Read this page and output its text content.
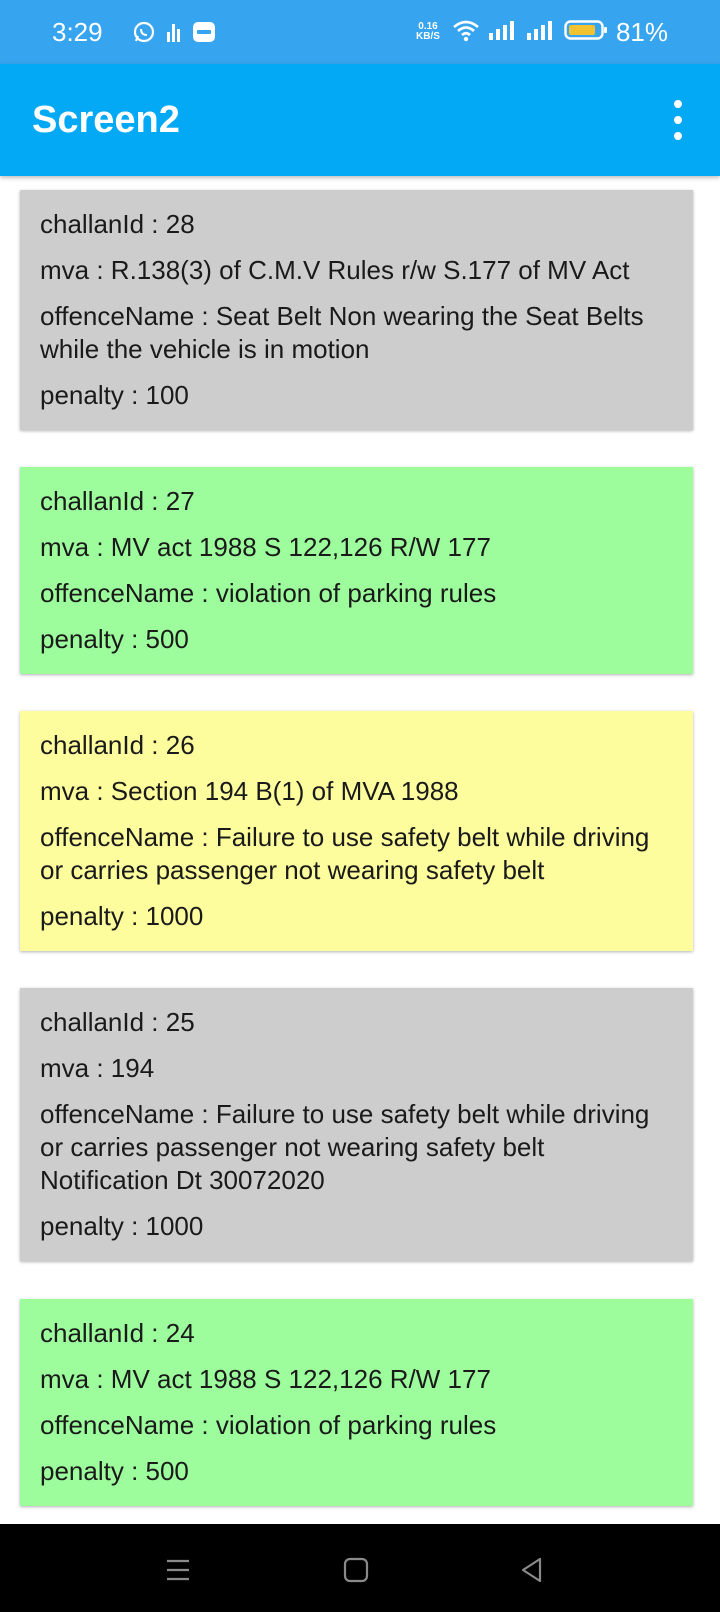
3:29	0.16
KB/S	81%
Screen2

challanId : 28

mva : R.138(3) of C.M.V Rules r/w S.177 of MV Act

offenceName : Seat Belt Non wearing the Seat Belts while the vehicle is in motion

penalty : 100

challanId : 27

mva : MV act 1988 S 122,126 R/W 177

offenceName : violation of parking rules

penalty : 500

challanId : 26

mva : Section 194 B(1) of MVA 1988

offenceName : Failure to use safety belt while driving or carries passenger not wearing safety belt

penalty : 1000

challanId : 25

mva : 194

offenceName : Failure to use safety belt while driving or carries passenger not wearing safety belt Notification Dt 30072020

penalty : 1000

challanId : 24

mva : MV act 1988 S 122,126 R/W 177

offenceName : violation of parking rules

penalty : 500
